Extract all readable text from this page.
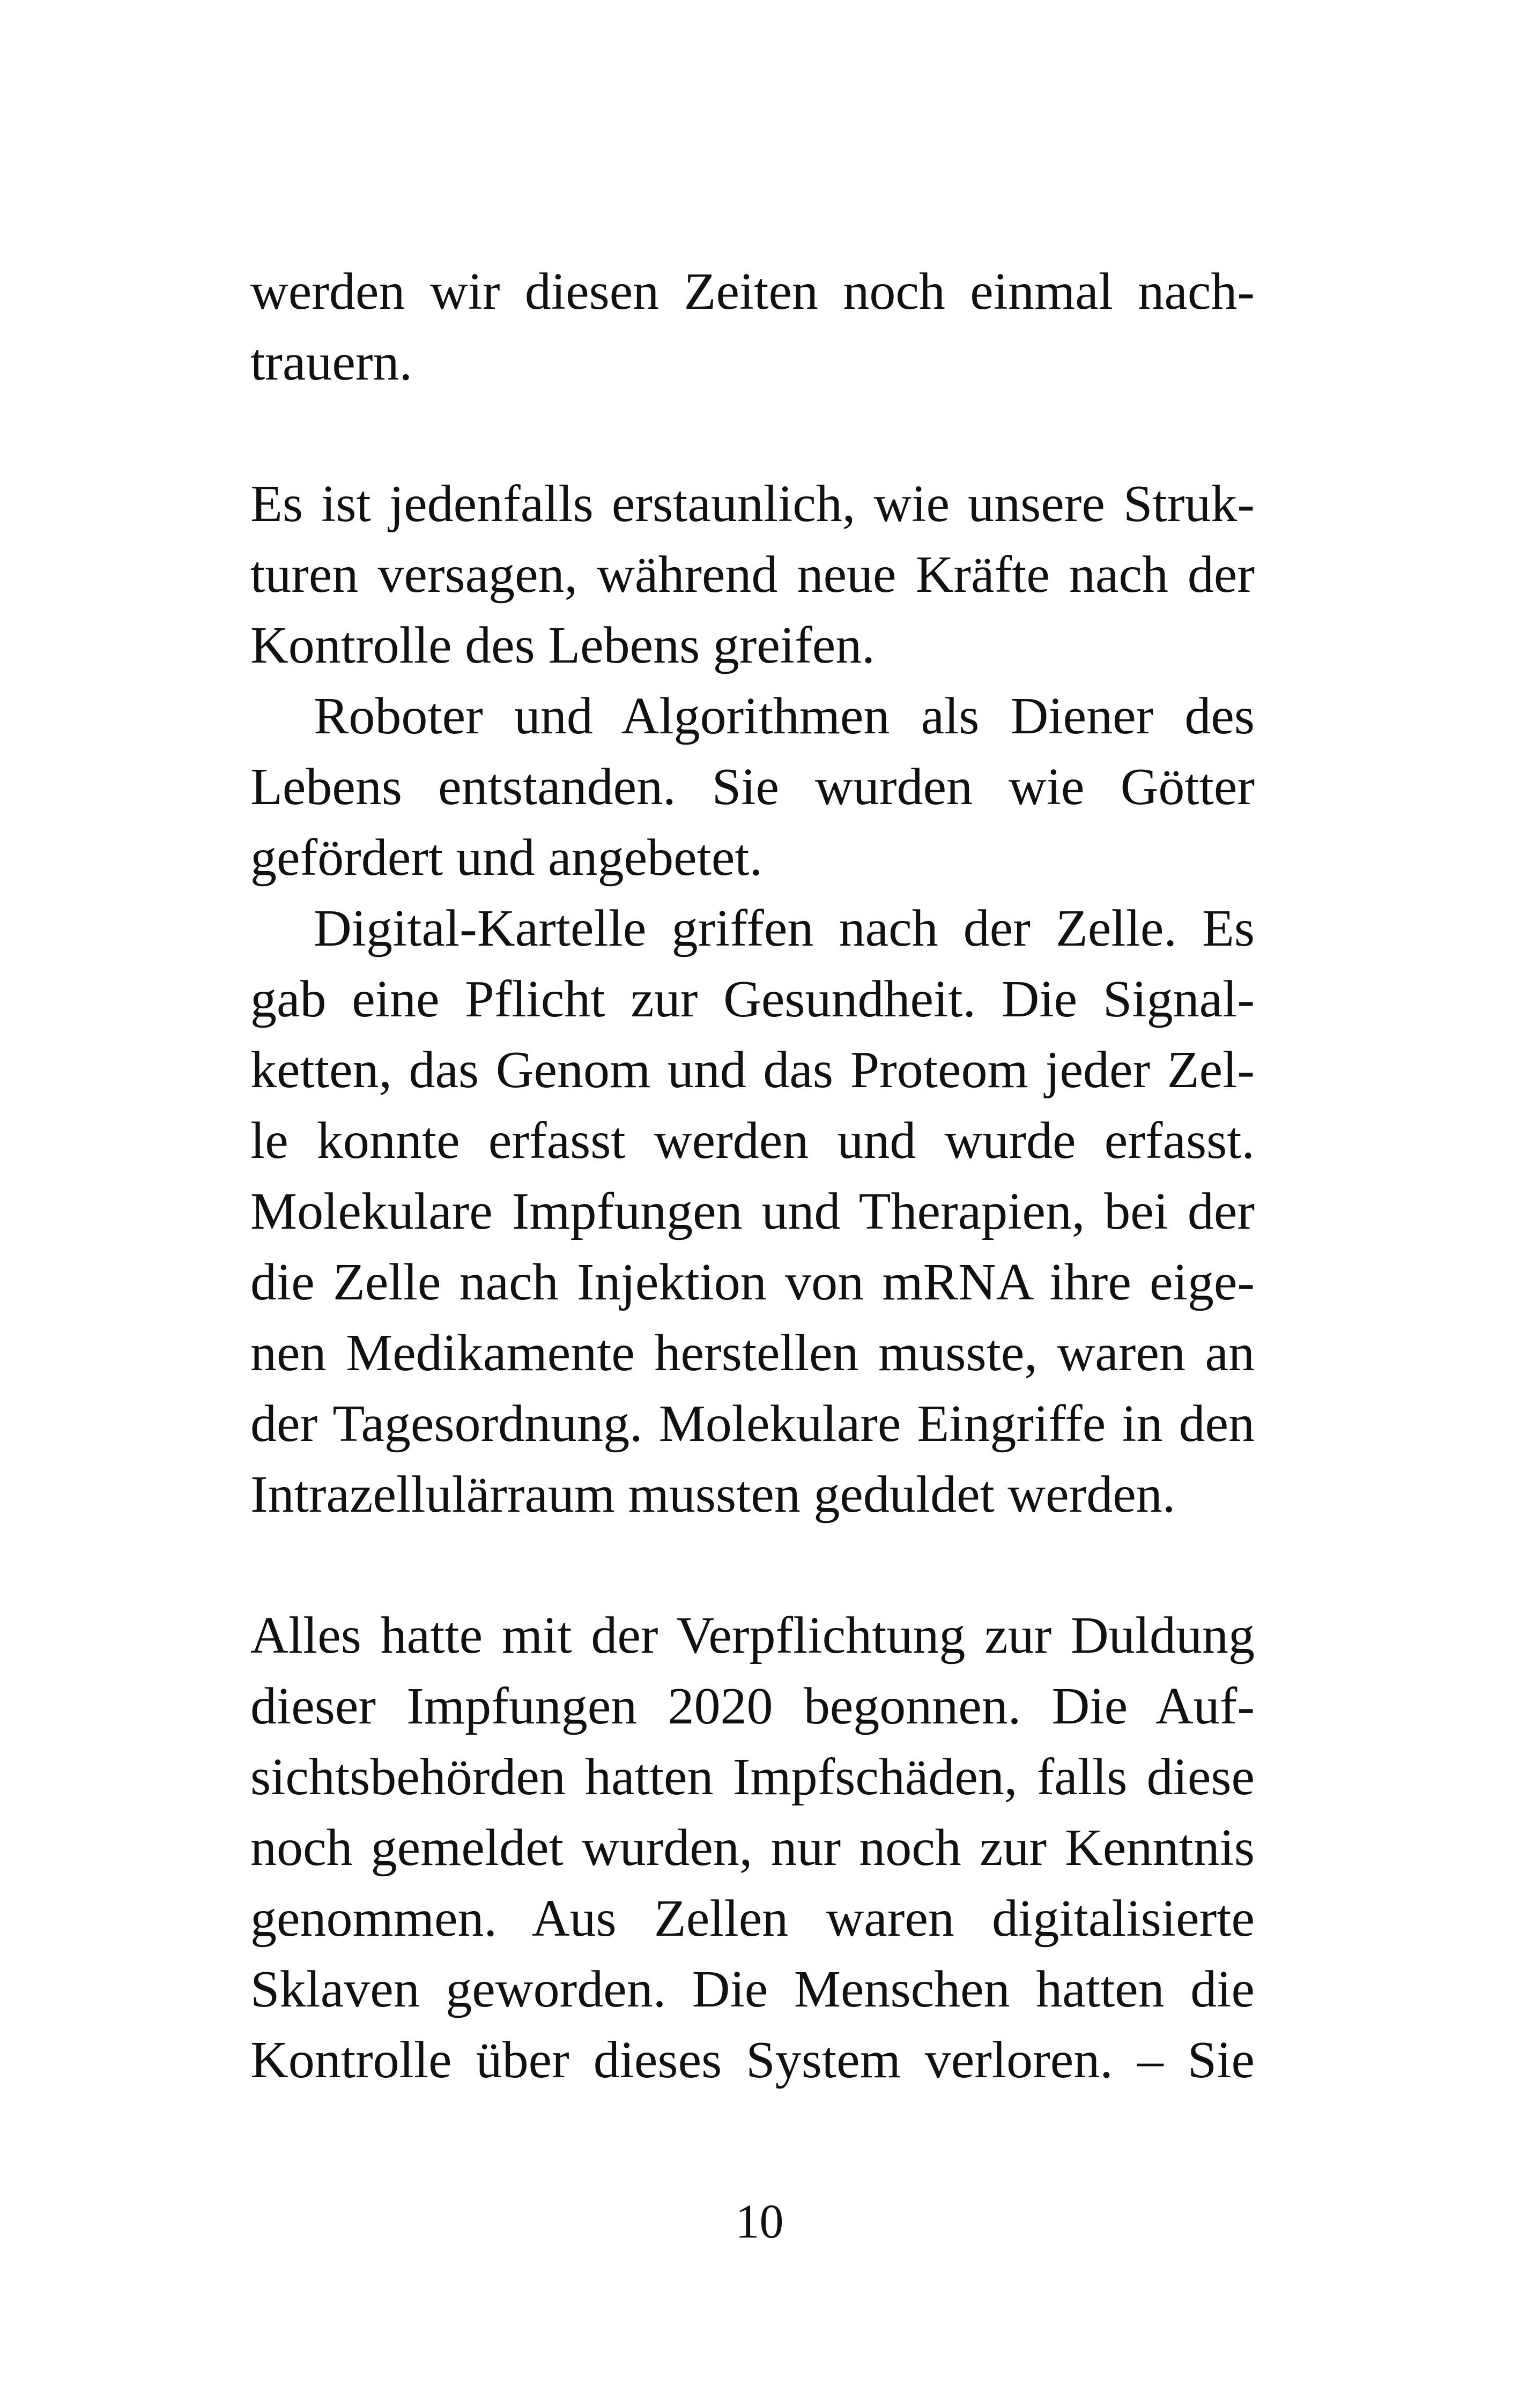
werden wir diesen Zeiten noch einmal nach-
trauern.
Es ist jedenfalls erstaunlich, wie unsere Struk-
turen versagen, während neue Kräfte nach der
Kontrolle des Lebens greifen.
Roboter und Algorithmen als Diener des
Lebens entstanden. Sie wurden wie Götter
gefördert und angebetet.
Digital-Kartelle griffen nach der Zelle. Es
gab eine Pflicht zur Gesundheit. Die Signal-
ketten, das Genom und das Proteom jeder Zel-
le konnte erfasst werden und wurde erfasst.
Molekulare Impfungen und Therapien, bei der
die Zelle nach Injektion von mRNA ihre eige-
nen Medikamente herstellen musste, waren an
der Tagesordnung. Molekulare Eingriffe in den
Intrazellulärraum mussten geduldet werden.
Alles hatte mit der Verpflichtung zur Duldung
dieser Impfungen 2020 begonnen. Die Auf-
sichtsbehörden hatten Impfschäden, falls diese
noch gemeldet wurden, nur noch zur Kenntnis
genommen. Aus Zellen waren digitalisierte
Sklaven geworden. Die Menschen hatten die
Kontrolle über dieses System verloren. – Sie
10
